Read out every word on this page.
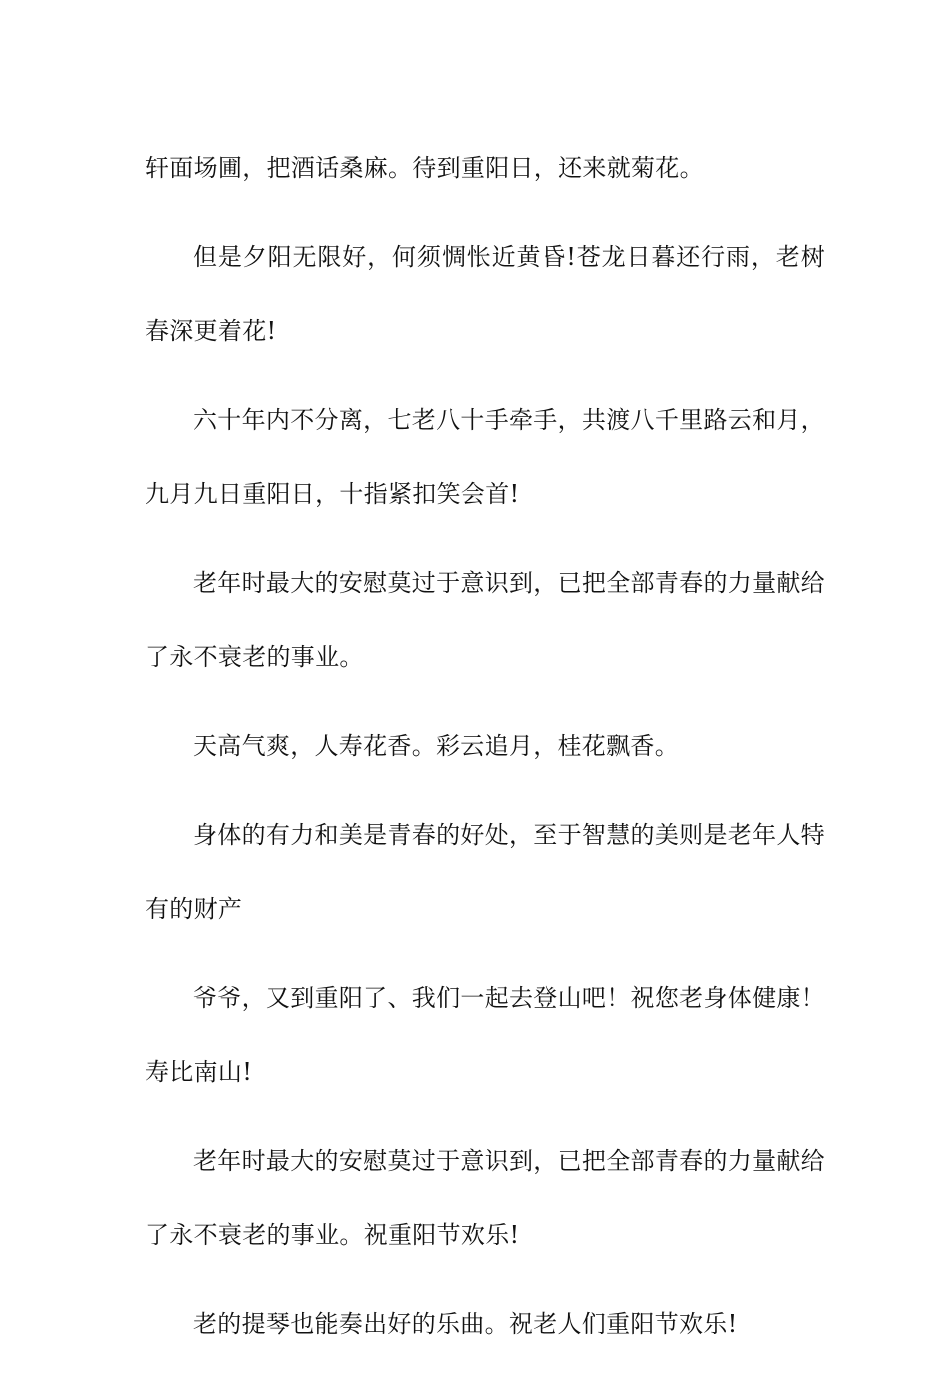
轩面场圃，把酒话桑麻。待到重阳日，还来就菊花。

但是夕阳无限好，何须惆怅近黄昏!苍龙日暮还行雨，老树春深更着花!

六十年内不分离，七老八十手牵手，共渡八千里路云和月，九月九日重阳日，十指紧扣笑会首!

老年时最大的安慰莫过于意识到，已把全部青春的力量献给了永不衰老的事业。

天高气爽，人寿花香。彩云追月，桂花飘香。

身体的有力和美是青春的好处，至于智慧的美则是老年人特有的财产

爷爷，又到重阳了、我们一起去登山吧！祝您老身体健康！寿比南山!

老年时最大的安慰莫过于意识到，已把全部青春的力量献给了永不衰老的事业。祝重阳节欢乐!

老的提琴也能奏出好的乐曲。祝老人们重阳节欢乐!
